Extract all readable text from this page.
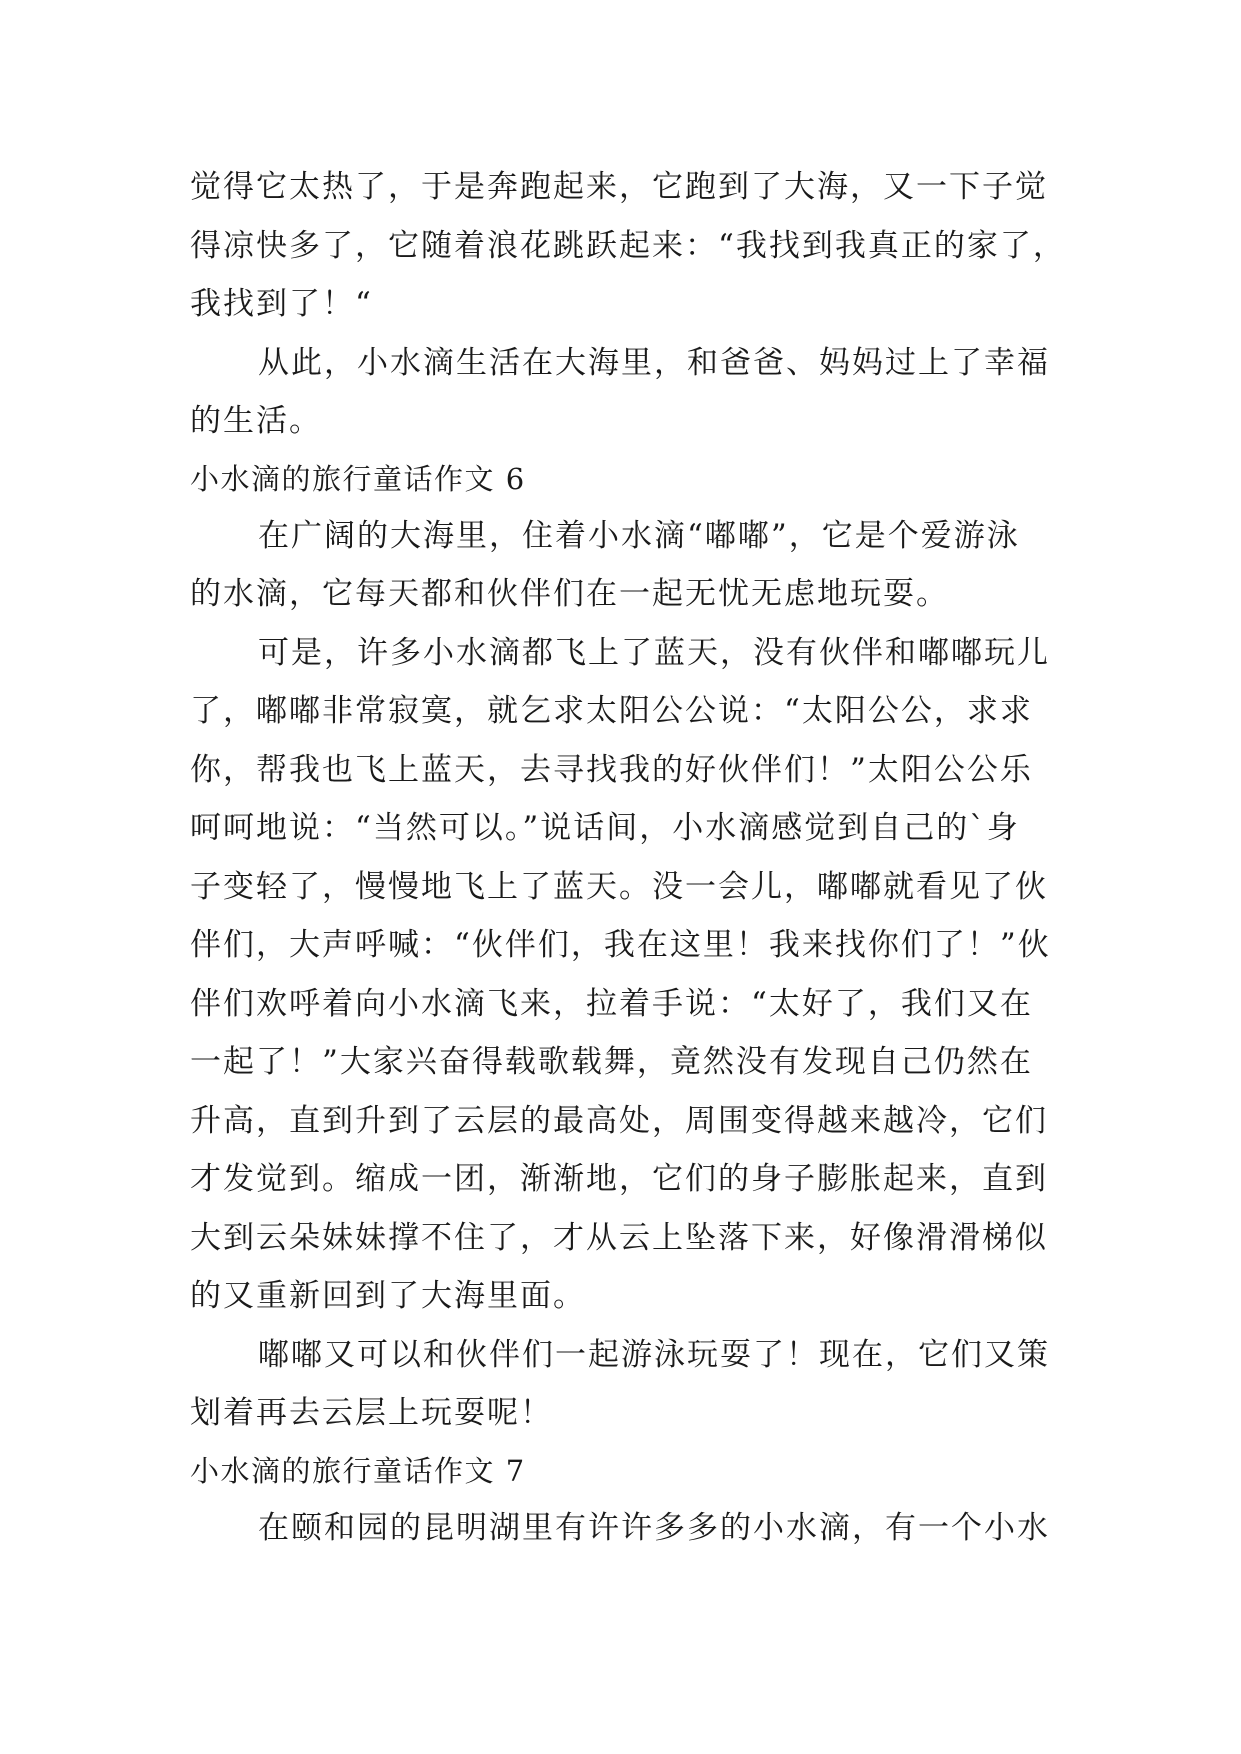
觉得它太热了，于是奔跑起来，它跑到了大海，又一下子觉
得凉快多了，它随着浪花跳跃起来：“我找到我真正的家了，
我找到了！“
从此，小水滴生活在大海里，和爸爸、妈妈过上了幸福
的生活。
小水滴的旅行童话作文 6
在广阔的大海里，住着小水滴“嘟嘟”，它是个爱游泳
的水滴，它每天都和伙伴们在一起无忧无虑地玩耍。
可是，许多小水滴都飞上了蓝天，没有伙伴和嘟嘟玩儿
了，嘟嘟非常寂寞，就乞求太阳公公说：“太阳公公，求求
你，帮我也飞上蓝天，去寻找我的好伙伴们！”太阳公公乐
呵呵地说：“当然可以。”说话间，小水滴感觉到自己的`身
子变轻了，慢慢地飞上了蓝天。没一会儿，嘟嘟就看见了伙
伴们，大声呼喊：“伙伴们，我在这里！我来找你们了！”伙
伴们欢呼着向小水滴飞来，拉着手说：“太好了，我们又在
一起了！”大家兴奋得载歌载舞，竟然没有发现自己仍然在
升高，直到升到了云层的最高处，周围变得越来越冷，它们
才发觉到。缩成一团，渐渐地，它们的身子膨胀起来，直到
大到云朵妹妹撑不住了，才从云上坠落下来，好像滑滑梯似
的又重新回到了大海里面。
嘟嘟又可以和伙伴们一起游泳玩耍了！现在，它们又策
划着再去云层上玩耍呢！
小水滴的旅行童话作文 7
在颐和园的昆明湖里有许许多多的小水滴，有一个小水
